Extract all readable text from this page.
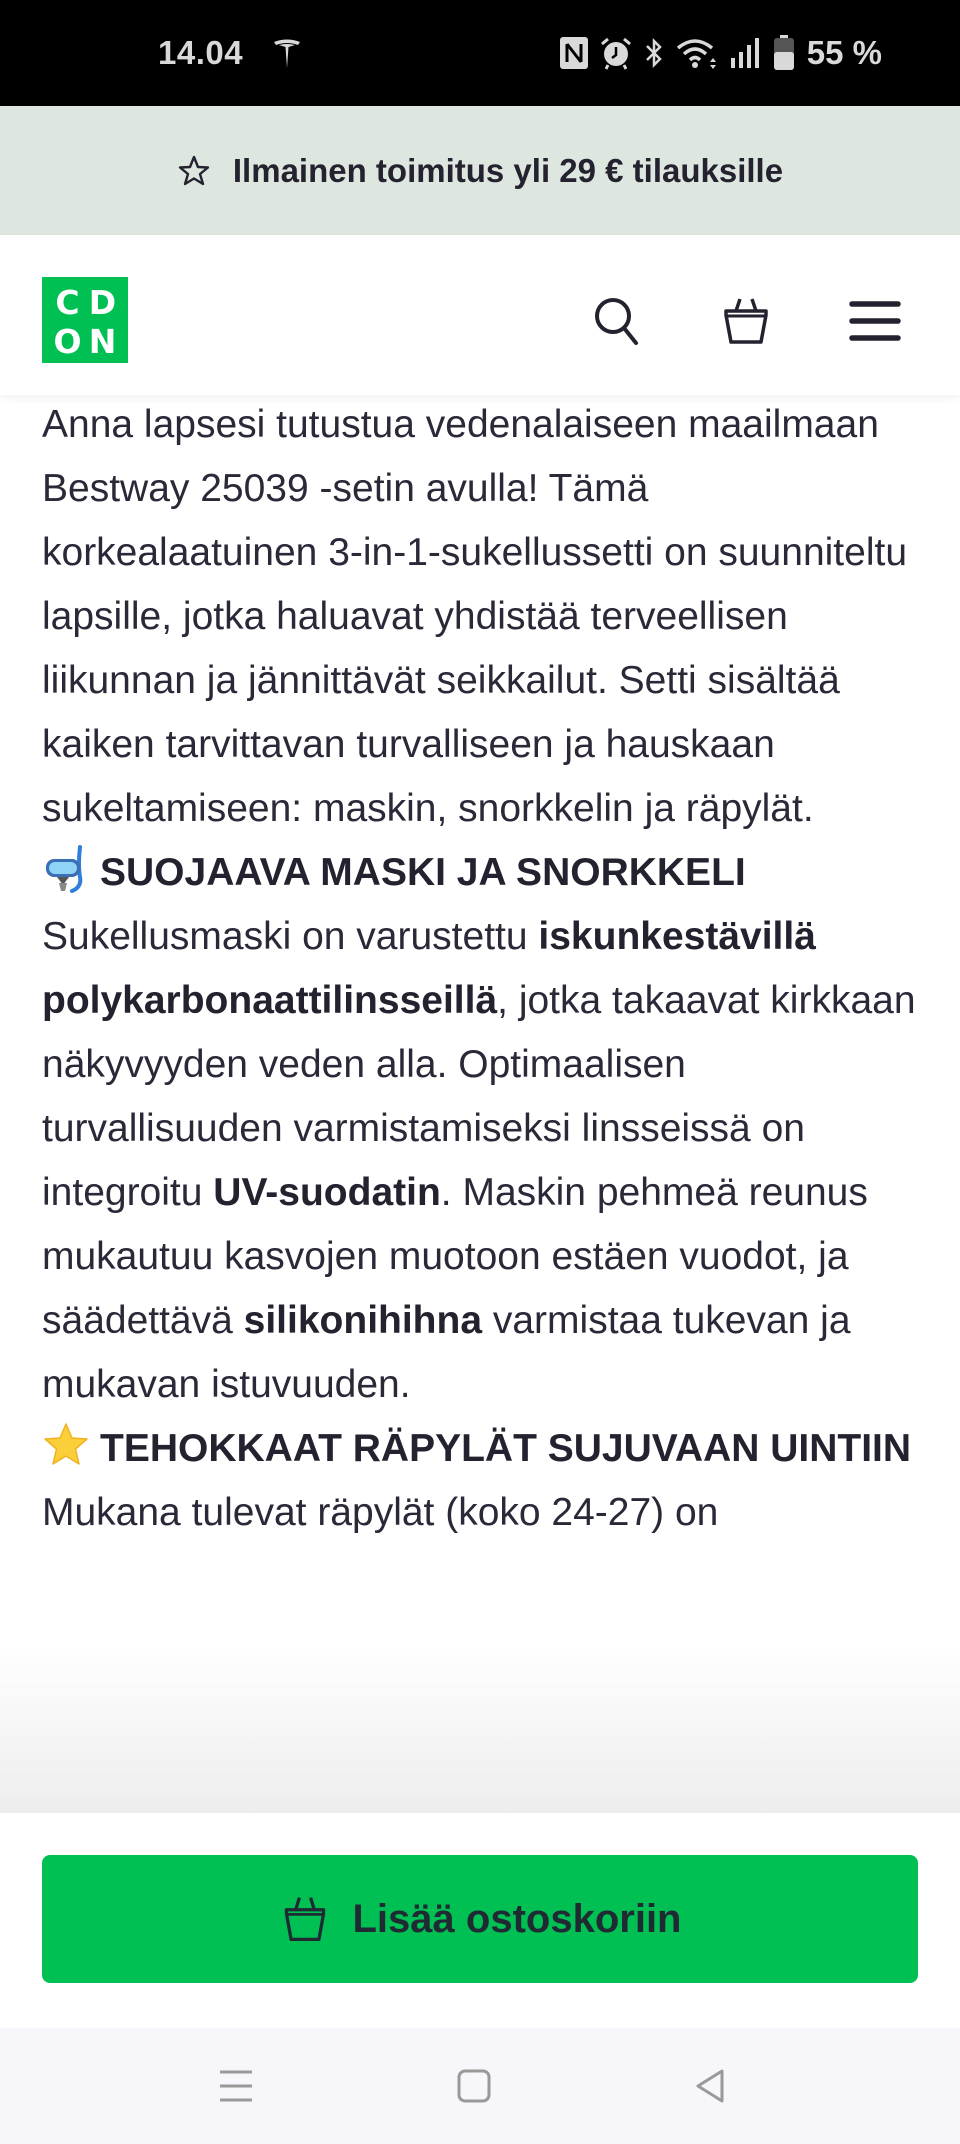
14.04	55 %
Ilmainen toimitus yli 29 € tilauksille
C D
O N

Anna lapsesi tutustua vedenalaiseen maailmaan Bestway 25039 -setin avulla! Tämä korkealaatuinen 3-in-1-sukellussetti on suunniteltu lapsille, jotka haluavat yhdistää terveellisen liikunnan ja jännittävät seikkailut. Setti sisältää kaiken tarvittavan turvalliseen ja hauskaan sukeltamiseen: maskin, snorkkelin ja räpylät.

SUOJAAVA MASKI JA SNORKKELI

Sukellusmaski on varustettu iskunkestävillä polykarbonaattilinsseillä, jotka takaavat kirkkaan näkyvyyden veden alla. Optimaalisen turvallisuuden varmistamiseksi linsseissä on integroitu UV-suodatin. Maskin pehmeä reunus mukautuu kasvojen muotoon estäen vuodot, ja säädettävä silikonihihna varmistaa tukevan ja mukavan istuvuuden.

TEHOKKAAT RÄPYLÄT SUJUVAAN UINTIIN

Mukana tulevat räpylät (koko 24-27) on

Lisää ostoskoriin
